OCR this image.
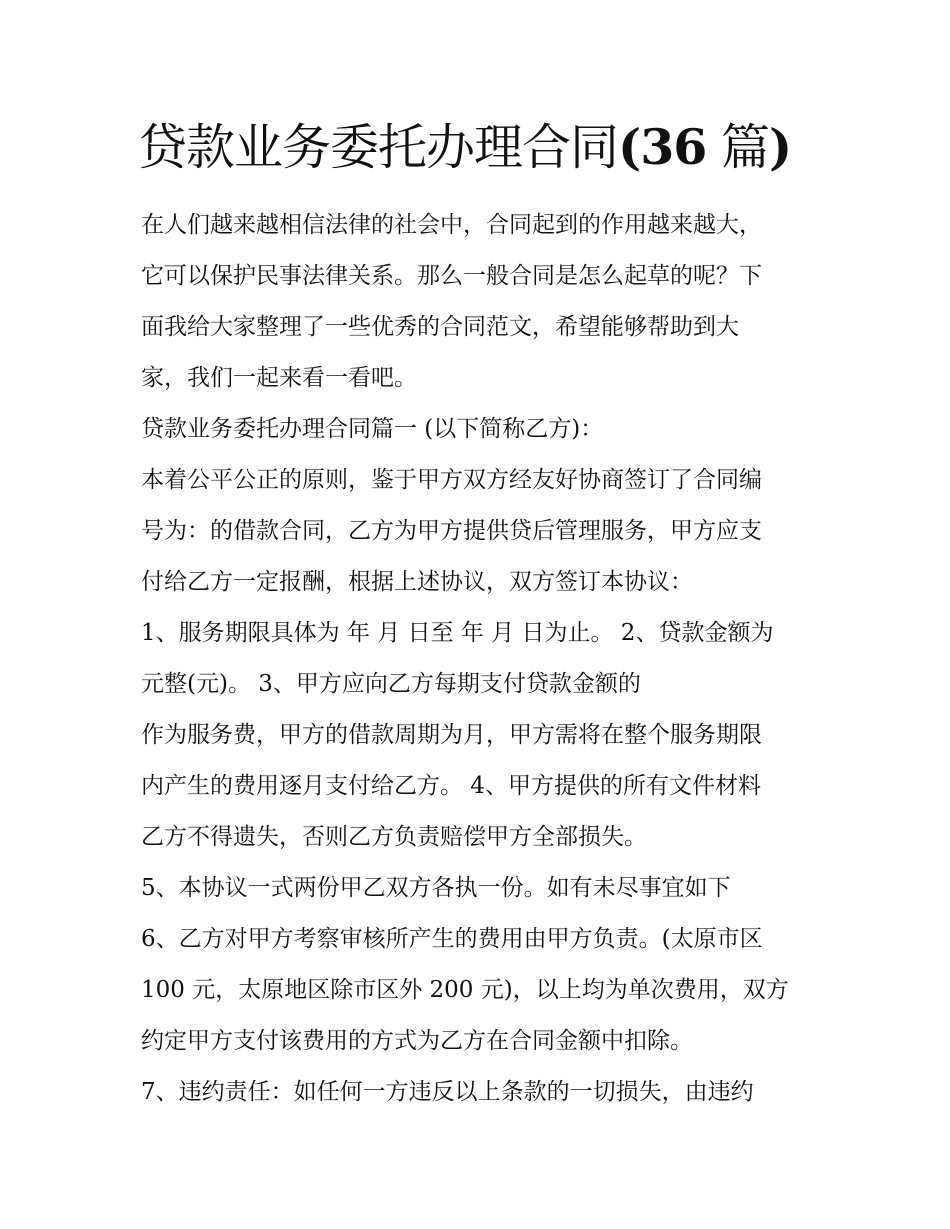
贷款业务委托办理合同(36 篇)
在人们越来越相信法律的社会中，合同起到的作用越来越大，
它可以保护民事法律关系。那么一般合同是怎么起草的呢？下
面我给大家整理了一些优秀的合同范文，希望能够帮助到大
家，我们一起来看一看吧。
贷款业务委托办理合同篇一 (以下简称乙方)：
本着公平公正的原则，鉴于甲方双方经友好协商签订了合同编
号为：的借款合同，乙方为甲方提供贷后管理服务，甲方应支
付给乙方一定报酬，根据上述协议，双方签订本协议：
1、服务期限具体为 年 月 日至 年 月 日为止。 2、贷款金额为
元整(元)。 3、甲方应向乙方每期支付贷款金额的
作为服务费，甲方的借款周期为月，甲方需将在整个服务期限
内产生的费用逐月支付给乙方。 4、甲方提供的所有文件材料
乙方不得遗失，否则乙方负责赔偿甲方全部损失。
5、本协议一式两份甲乙双方各执一份。如有未尽事宜如下
6、乙方对甲方考察审核所产生的费用由甲方负责。(太原市区
100 元，太原地区除市区外 200 元)，以上均为单次费用，双方
约定甲方支付该费用的方式为乙方在合同金额中扣除。
7、违约责任：如任何一方违反以上条款的一切损失，由违约
